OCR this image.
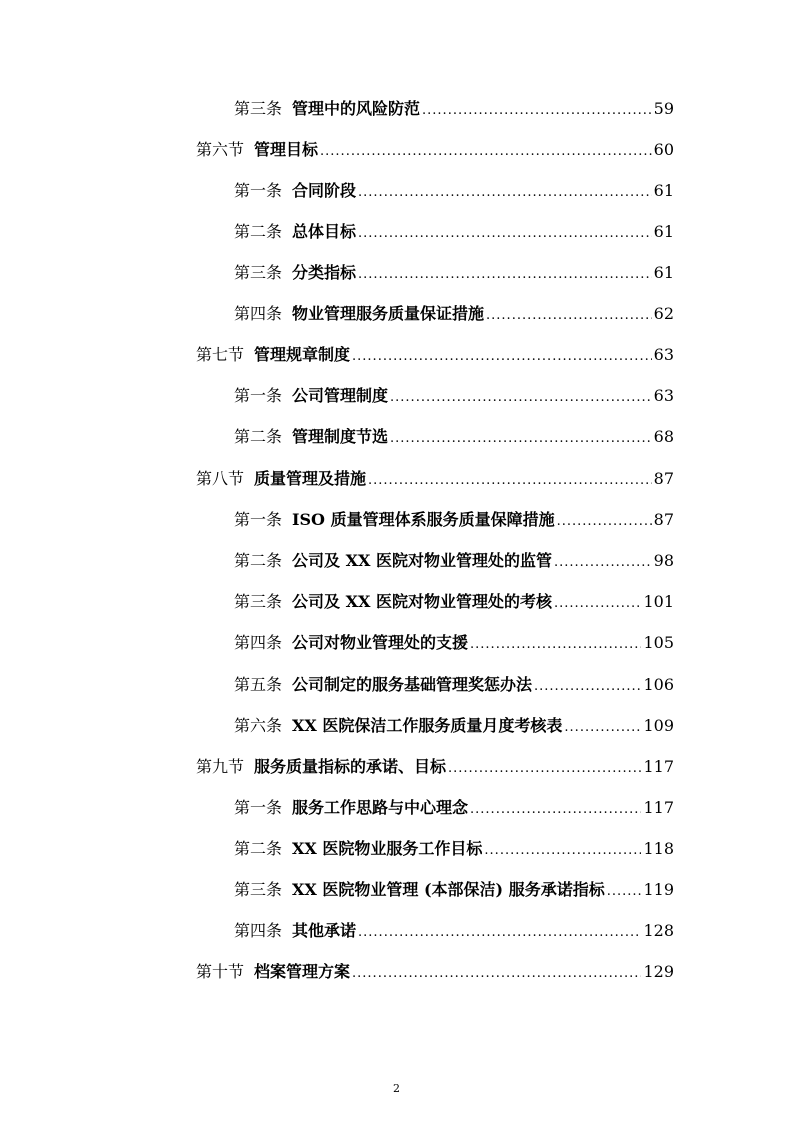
第三条 管理中的风险防范 .....	59
第六节 管理目标 .....	60
第一条 合同阶段 .....	61
第二条 总体目标 .....	61
第三条 分类指标 .....	61
第四条 物业管理服务质量保证措施 .....	62
第七节 管理规章制度 .....	63
第一条 公司管理制度 .....	63
第二条 管理制度节选 .....	68
第八节 质量管理及措施 .....	87
第一条 ISO 质量管理体系服务质量保障措施 .....	87
第二条 公司及 XX 医院对物业管理处的监管 .....	98
第三条 公司及 XX 医院对物业管理处的考核 .....	101
第四条 公司对物业管理处的支援 .....	105
第五条 公司制定的服务基础管理奖惩办法 .....	106
第六条 XX 医院保洁工作服务质量月度考核表 .....	109
第九节 服务质量指标的承诺、目标 .....	117
第一条 服务工作思路与中心理念 .....	117
第二条 XX 医院物业服务工作目标 .....	118
第三条 XX 医院物业管理 (本部保洁) 服务承诺指标 ..... 119
第四条 其他承诺 .....	128
第十节 档案管理方案 .....	129
2
